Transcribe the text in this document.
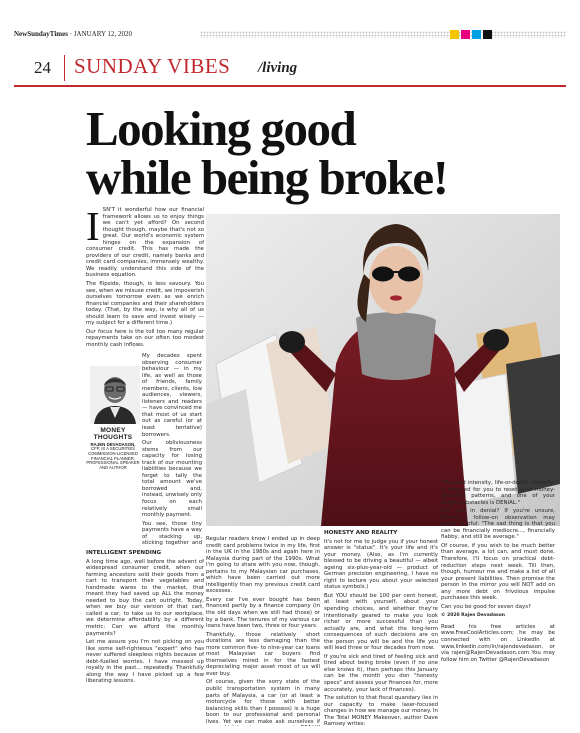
NewSundayTimes · JANUARY 12, 2020
24 SUNDAY VIBES /living
Looking good
while being broke!
I SN'T it wonderful how our financial framework allows us to enjoy things we can't yet afford? On second thought though, maybe that's not so great. Our world's economic system hinges on the expansion of consumer credit. This has made the providers of our credit, namely banks and credit card companies, immensely wealthy. We readily understand this side of the business equation.

The flipside, though, is less savoury. You see, when we misuse credit, we impoverish ourselves tomorrow even as we enrich financial companies and their shareholders today. (That, by the way, is why all of us should learn to save and invest wisely — my subject for a different time.)

Our focus here is the toll too many regular repayments take on our often too modest monthly cash inflows.

MONEY
THOUGHTS
RAJEN DEVADASON,
CFP, IS A SECURITIES COMMISSION-LICENSED FINANCIAL PLANNER, PROFESSIONAL SPEAKER AND AUTHOR

My decades spent observing consumer behaviour — in my life, as well as those of friends, family members, clients, low audiences, viewers, listeners and readers — have convinced me that most of us start out as careful (or at least tentative) borrowers.

Our obliviousness stems from our capacity for losing track of our mounting liabilities because we forget to tally the total amount we've borrowed and, instead, unwisely only focus on each relatively small monthly payment.

You see, those tiny payments have a way of stacking up, sticking together and

INTELLIGENT SPENDING

A long time ago, well before the advent of widespread consumer credit, when our farming ancestors sold their goods from a cart to transport their vegetables and handmade wares to the market, that meant they had saved up ALL the money needed to buy the cart outright. Today, when we buy our version of that cart, called a car, to take us to our workplace, we determine affordability by a different metric: Can we afford the monthly payments?

Let me assure you I'm not picking on you like some self-righteous "expert" who has never suffered sleepless nights because of debt-fuelled worries. I have messed up royally in the past... repeatedly. Thankfully along the way I have picked up a few liberating lessons.

Regular readers know I ended up in deep credit card problems twice in my life, first in the UK in the 1980s and again here in Malaysia during part of the 1990s. What I'm going to share with you now, though, pertains to my Malaysian car purchases, which have been carried out more intelligently than my previous credit card excesses.

Every car I've ever bought has been financed partly by a finance company (in the old days when we still had those) or by a bank. The tenures of my various car loans have been two, three or four years.

Thankfully, those relatively short durations are less damaging than the more common five- to nine-year car loans most Malaysian car buyers find themselves mired in for the fastest depreciating major asset most of us will ever buy.

Of course, given the sorry state of the public transportation system in many parts of Malaysia, a car (or at least a motorcycle for those with better balancing skills than I possess) is a huge boon to our professional and personal lives. Yet we can make ask ourselves if

HONESTY AND REALITY

It's not for me to judge you if your honest answer is "status". It's your life and it's your money. (Also, as I'm currently blessed to be driving a beautiful — albeit ageing six-plus-year-old — product of German precision engineering, I have no right to lecture you about your selected status symbols.)

But YOU should be 100 per cent honest, at least with yourself, about your spending choices, and whether they're intentionally geared to make you look richer or more successful than you actually are, and what the long-term consequences of such decisions are on the person you will be and the life you will lead three or four decades from now.

If you're sick and tired of feeling sick and tired about being broke (even if no one else knows it), then perhaps this January can be the month you don "honesty specs" and assess your finances for, more accurately, your lack of finances).

The solution to that fiscal quandary lies in our capacity to make laser-focused changes in how we manage our money. In The Total MONEY Makeover, author Dave Ramsey writes:

"Focused intensity, life-or-death intensity, is required for you to reset your money-spending patterns, and one of your biggest obstacles is DENIAL."

Are you in denial? If you're unsure, Ramsey's follow-on observation may prove helpful: "The sad thing is that you can be financially mediocre..., financially flabby, and still be average."

Of course, if you wish to be much better than average, a lot can, and must done. Therefore, I'll focus on practical debt-reduction steps next week. Till then, though, humour me and make a list of all your present liabilities. Then promise the person in the mirror you will NOT add on any more debt on frivolous impulse purchases this week.

Can you be good for seven days?

© 2020 Rajen Devadason

Read his free articles at www.FreeCoolArticles.com; he may be connected with on LinkedIn at www.linkedin.com/in/rajendevadason, or via rajen@RajenDevadason.com You may follow him on Twitter @RajenDevadason
